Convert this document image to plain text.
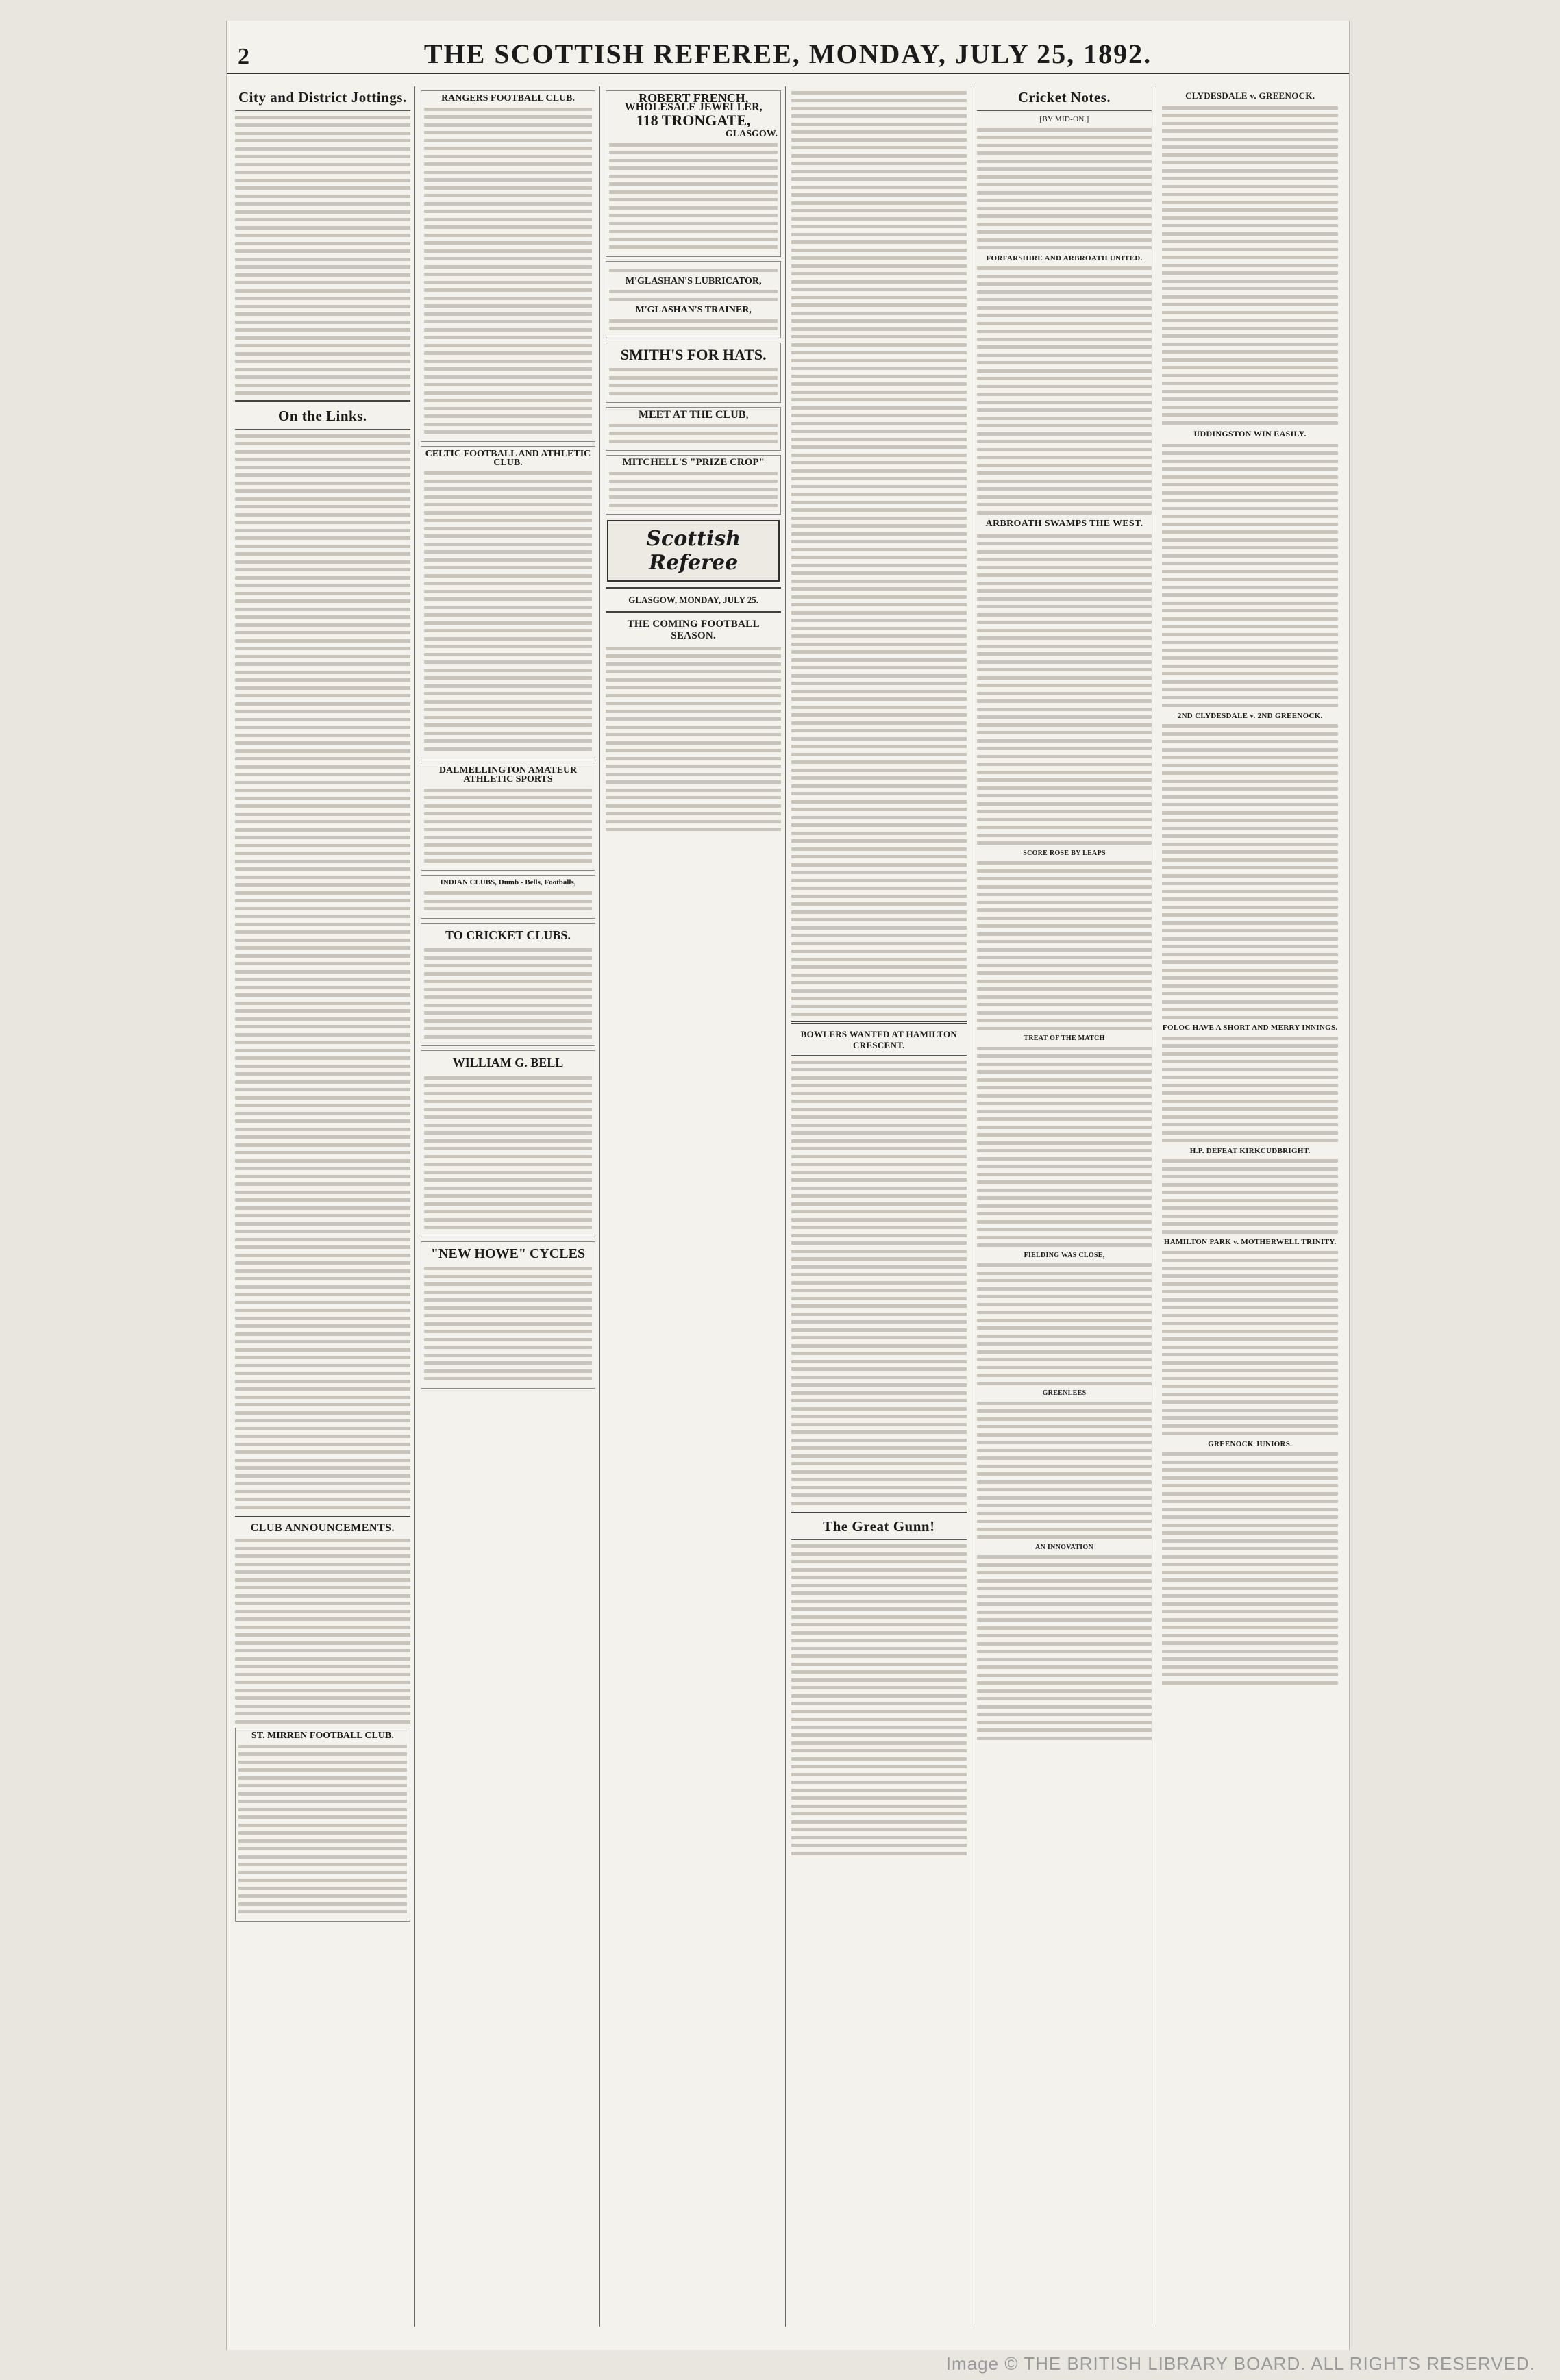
2	THE SCOTTISH REFEREE, MONDAY, JULY 25, 1892.
City and District Jottings.
On the Links.
CLUB ANNOUNCEMENTS.
ST. MIRREN FOOTBALL CLUB.
RANGERS FOOTBALL CLUB.
CELTIC FOOTBALL AND ATHLETIC CLUB.
DALMELLINGTON AMATEUR ATHLETIC SPORTS
INDIAN CLUBS, Dumb - Bells, Footballs,
TO CRICKET CLUBS.
WILLIAM G. BELL
"NEW HOWE" CYCLES
ROBERT FRENCH,
WHOLESALE JEWELLER,
118 TRONGATE,
GLASGOW.
M'GLASHAN'S LUBRICATOR,
M'GLASHAN'S TRAINER,
SMITH'S FOR HATS.
MEET AT THE CLUB,
MITCHELL'S "PRIZE CROP"
Scottish Referee
GLASGOW, MONDAY, JULY 25.
THE COMING FOOTBALL SEASON.
BOWLERS WANTED AT HAMILTON CRESCENT.
The Great Gunn!
Cricket Notes.
[BY MID-ON.]
FORFARSHIRE AND ARBROATH UNITED.
ARBROATH SWAMPS THE WEST.
SCORE ROSE BY LEAPS
TREAT OF THE MATCH
FIELDING WAS CLOSE,
GREENLEES
AN INNOVATION
CLYDESDALE v. GREENOCK.
UDDINGSTON WIN EASILY.
2ND CLYDESDALE v. 2ND GREENOCK.
FOLOC HAVE A SHORT AND MERRY INNINGS.
H.P. DEFEAT KIRKCUDBRIGHT.
HAMILTON PARK v. MOTHERWELL TRINITY.
GREENOCK JUNIORS.
Image © THE BRITISH LIBRARY BOARD. ALL RIGHTS RESERVED.
